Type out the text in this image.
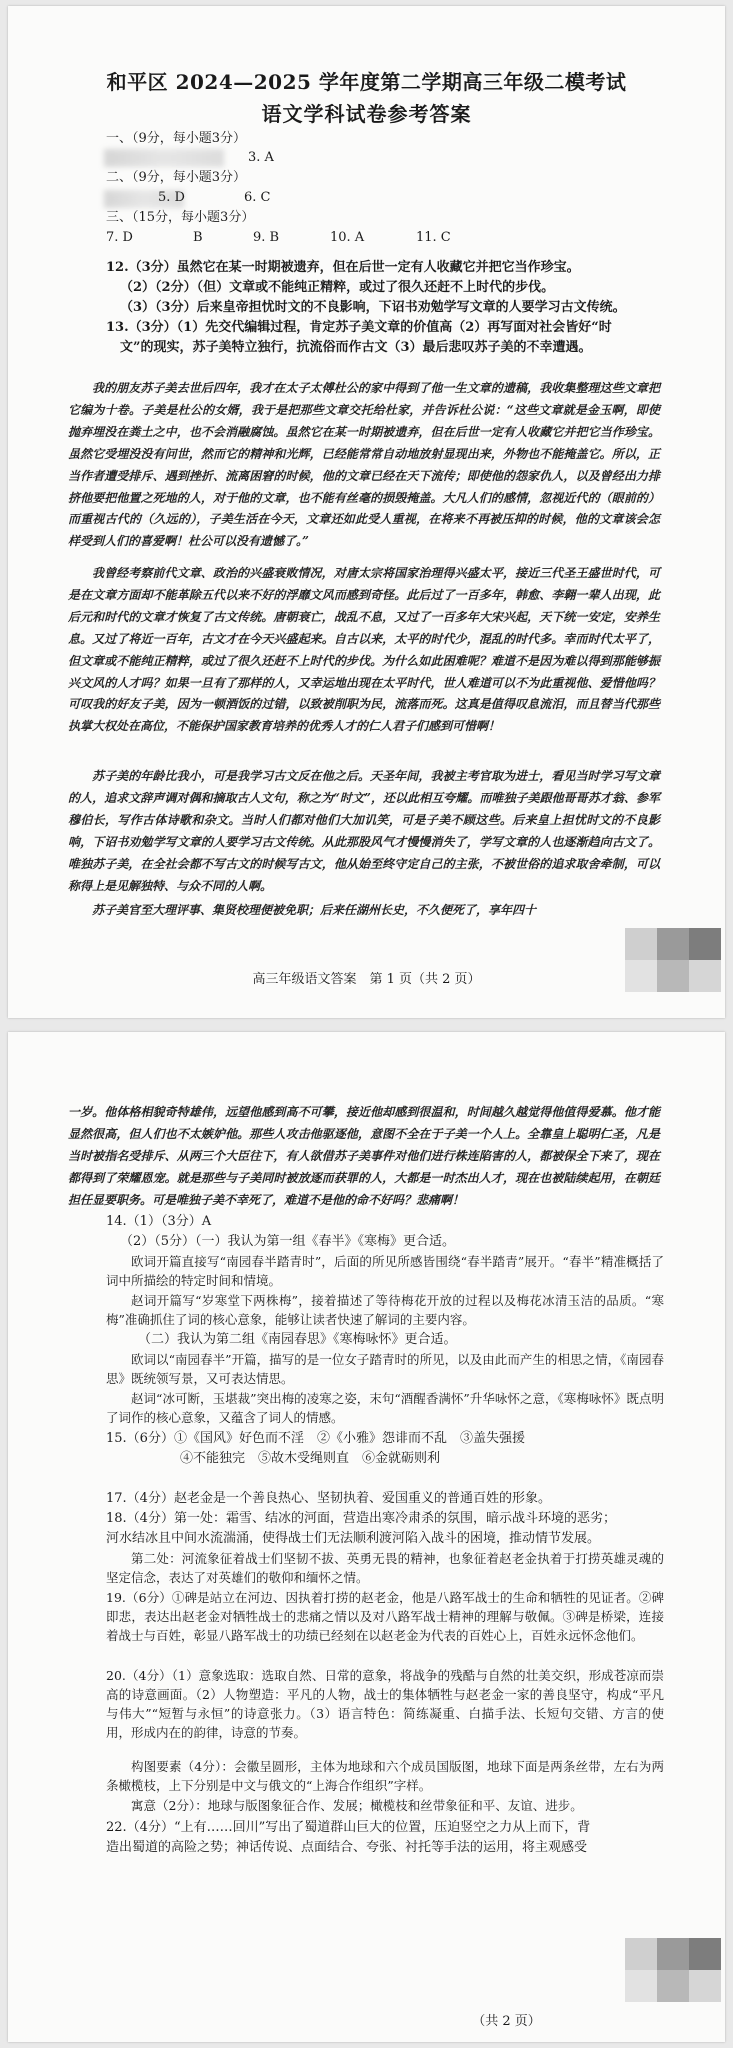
和平区 2024—2025 学年度第二学期高三年级二模考试
语文学科试卷参考答案
一、（9分，每小题3分）
3. A
二、（9分，每小题3分）
5. D	6. C
三、（15分，每小题3分）
7. D	B	9. B	10. A	11. C
12.（3分）虽然它在某一时期被遗弃，但在后世一定有人收藏它并把它当作珍宝。
（2）（2分）（但）文章或不能纯正精粹，或过了很久还赶不上时代的步伐。
（3）（3分）后来皇帝担忧时文的不良影响，下诏书劝勉学写文章的人要学习古文传统。
13.（3分）（1）先交代编辑过程，肯定苏子美文章的价值高（2）再写面对社会皆好“时
文”的现实，苏子美特立独行，抗流俗而作古文（3）最后悲叹苏子美的不幸遭遇。

我的朋友苏子美去世后四年，我才在太子太傅杜公的家中得到了他一生文章的遗稿，我收集整理这些文章把它编为十卷。子美是杜公的女婿，我于是把那些文章交托给杜家，并告诉杜公说：“这些文章就是金玉啊，即使抛弃埋没在粪土之中，也不会消融腐蚀。虽然它在某一时期被遗弃，但在后世一定有人收藏它并把它当作珍宝。虽然它受埋没没有问世，然而它的精神和光辉，已经能常常自动地放射显现出来，外物也不能掩盖它。所以，正当作者遭受排斥、遇到挫折、流离困窘的时候，他的文章已经在天下流传；即使他的怨家仇人，以及曾经出力排挤他要把他置之死地的人，对于他的文章，也不能有丝毫的损毁掩盖。大凡人们的感情，忽视近代的（眼前的）而重视古代的（久远的），子美生活在今天，文章还如此受人重视，在将来不再被压抑的时候，他的文章该会怎样受到人们的喜爱啊！杜公可以没有遗憾了。”

我曾经考察前代文章、政治的兴盛衰败情况，对唐太宗将国家治理得兴盛太平，接近三代圣王盛世时代，可是在文章方面却不能革除五代以来不好的浮靡文风而感到奇怪。此后过了一百多年，韩愈、李翱一辈人出现，此后元和时代的文章才恢复了古文传统。唐朝衰亡，战乱不息，又过了一百多年大宋兴起，天下统一安定，安养生息。又过了将近一百年，古文才在今天兴盛起来。自古以来，太平的时代少，混乱的时代多。幸而时代太平了，但文章或不能纯正精粹，或过了很久还赶不上时代的步伐。为什么如此困难呢？难道不是因为难以得到那能够振兴文风的人才吗？如果一旦有了那样的人，又幸运地出现在太平时代，世人难道可以不为此重视他、爱惜他吗？可叹我的好友子美，因为一顿酒饭的过错，以致被削职为民，流落而死。这真是值得叹息流泪，而且替当代那些执掌大权处在高位，不能保护国家教育培养的优秀人才的仁人君子们感到可惜啊！

苏子美的年龄比我小，可是我学习古文反在他之后。天圣年间，我被主考官取为进士，看见当时学习写文章的人，追求文辞声调对偶和摘取古人文句，称之为“时文”，还以此相互夸耀。而唯独子美跟他哥哥苏才翁、参军穆伯长，写作古体诗歌和杂文。当时人们都对他们大加讥笑，可是子美不顾这些。后来皇上担忧时文的不良影响，下诏书劝勉学写文章的人要学习古文传统。从此那股风气才慢慢消失了，学写文章的人也逐渐趋向古文了。唯独苏子美，在全社会都不写古文的时候写古文，他从始至终守定自己的主张，不被世俗的追求取舍牵制，可以称得上是见解独特、与众不同的人啊。

苏子美官至大理评事、集贤校理便被免职；后来任湖州长史，不久便死了，享年四十

高三年级语文答案　第 1 页（共 2 页）

一岁。他体格相貌奇特雄伟，远望他感到高不可攀，接近他却感到很温和，时间越久越觉得他值得爱慕。他才能显然很高，但人们也不太嫉妒他。那些人攻击他驱逐他，意图不全在于子美一个人上。全靠皇上聪明仁圣，凡是当时被指名受排斥、从两三个大臣往下，有人欲借苏子美事件对他们进行株连陷害的人，都被保全下来了，现在都得到了荣耀恩宠。就是那些与子美同时被放逐而获罪的人，大都是一时杰出人才，现在也被陆续起用，在朝廷担任显要职务。可是唯独子美不幸死了，难道不是他的命不好吗？悲痛啊！

14.（1）（3分）A
（2）（5分）（一）我认为第一组《春半》《寒梅》更合适。

欧词开篇直接写“南园春半踏青时”，后面的所见所感皆围绕“春半踏青”展开。“春半”精准概括了词中所描绘的特定时间和情境。

赵词开篇写“岁寒堂下两株梅”，接着描述了等待梅花开放的过程以及梅花冰清玉洁的品质。“寒梅”准确抓住了词的核心意象，能够让读者快速了解词的主要内容。

（二）我认为第二组《南园春思》《寒梅咏怀》更合适。

欧词以“南园春半”开篇，描写的是一位女子踏青时的所见，以及由此而产生的相思之情，《南园春思》既统领写景，又可表达情思。

赵词“冰可断，玉堪裁”突出梅的凌寒之姿，末句“酒醒香满怀”升华咏怀之意，《寒梅咏怀》既点明了词作的核心意象，又蕴含了词人的情感。

15.（6分）①《国风》好色而不淫　②《小雅》怨诽而不乱　③盖失强援
④不能独完　⑤故木受绳则直　⑥金就砺则利
17.（4分）赵老金是一个善良热心、坚韧执着、爱国重义的普通百姓的形象。
18.（4分）第一处：霜雪、结冰的河面，营造出寒冷肃杀的氛围，暗示战斗环境的恶劣；
河水结冰且中间水流湍涌，使得战士们无法顺利渡河陷入战斗的困境，推动情节发展。

第二处：河流象征着战士们坚韧不拔、英勇无畏的精神，也象征着赵老金执着于打捞英雄灵魂的坚定信念，表达了对英雄们的敬仰和缅怀之情。

19.（6分）①碑是站立在河边、因执着打捞的赵老金，他是八路军战士的生命和牺牲的见证者。②碑即悲，表达出赵老金对牺牲战士的悲痛之情以及对八路军战士精神的理解与敬佩。③碑是桥梁，连接着战士与百姓，彰显八路军战士的功绩已经刻在以赵老金为代表的百姓心上，百姓永远怀念他们。

20.（4分）（1）意象选取：选取自然、日常的意象，将战争的残酷与自然的壮美交织，形成苍凉而崇高的诗意画面。（2）人物塑造：平凡的人物，战士的集体牺牲与赵老金一家的善良坚守，构成“平凡与伟大”“短暂与永恒”的诗意张力。（3）语言特色：简练凝重、白描手法、长短句交错、方言的使用，形成内在的韵律，诗意的节奏。

构图要素（4分）：会徽呈圆形，主体为地球和六个成员国版图，地球下面是两条丝带，左右为两条橄榄枝，上下分别是中文与俄文的“上海合作组织”字样。

寓意（2分）：地球与版图象征合作、发展；橄榄枝和丝带象征和平、友谊、进步。

22.（4分）“上有……回川”写出了蜀道群山巨大的位置，压迫竖空之力从上而下，背
造出蜀道的高险之势；神话传说、点面结合、夸张、衬托等手法的运用，将主观感受
（共 2 页）
